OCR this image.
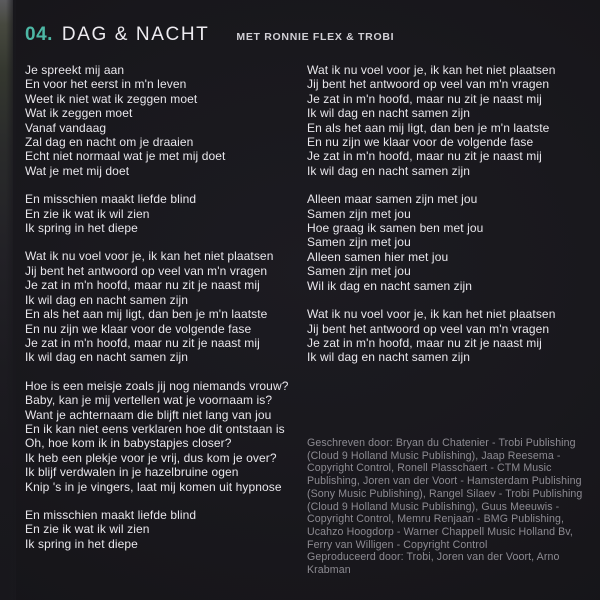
04. DAG & NACHT	MET RONNIE FLEX & TROBI
Je spreekt mij aan
En voor het eerst in m'n leven
Weet ik niet wat ik zeggen moet
Wat ik zeggen moet
Vanaf vandaag
Zal dag en nacht om je draaien
Echt niet normaal wat je met mij doet
Wat je met mij doet
En misschien maakt liefde blind
En zie ik wat ik wil zien
Ik spring in het diepe
Wat ik nu voel voor je, ik kan het niet plaatsen
Jij bent het antwoord op veel van m'n vragen
Je zat in m'n hoofd, maar nu zit je naast mij
Ik wil dag en nacht samen zijn
En als het aan mij ligt, dan ben je m'n laatste
En nu zijn we klaar voor de volgende fase
Je zat in m'n hoofd, maar nu zit je naast mij
Ik wil dag en nacht samen zijn
Hoe is een meisje zoals jij nog niemands vrouw?
Baby, kan je mij vertellen wat je voornaam is?
Want je achternaam die blijft niet lang van jou
En ik kan niet eens verklaren hoe dit ontstaan is
Oh, hoe kom ik in babystapjes closer?
Ik heb een plekje voor je vrij, dus kom je over?
Ik blijf verdwalen in je hazelbruine ogen
Knip 's in je vingers, laat mij komen uit hypnose
En misschien maakt liefde blind
En zie ik wat ik wil zien
Ik spring in het diepe
Wat ik nu voel voor je, ik kan het niet plaatsen
Jij bent het antwoord op veel van m'n vragen
Je zat in m'n hoofd, maar nu zit je naast mij
Ik wil dag en nacht samen zijn
En als het aan mij ligt, dan ben je m'n laatste
En nu zijn we klaar voor de volgende fase
Je zat in m'n hoofd, maar nu zit je naast mij
Ik wil dag en nacht samen zijn
Alleen maar samen zijn met jou
Samen zijn met jou
Hoe graag ik samen ben met jou
Samen zijn met jou
Alleen samen hier met jou
Samen zijn met jou
Wil ik dag en nacht samen zijn
Wat ik nu voel voor je, ik kan het niet plaatsen
Jij bent het antwoord op veel van m'n vragen
Je zat in m'n hoofd, maar nu zit je naast mij
Ik wil dag en nacht samen zijn
Geschreven door: Bryan du Chatenier - Trobi Publishing
(Cloud 9 Holland Music Publishing), Jaap Reesema -
Copyright Control, Ronell Plasschaert - CTM Music
Publishing, Joren van der Voort - Hamsterdam Publishing
(Sony Music Publishing), Rangel Silaev - Trobi Publishing
(Cloud 9 Holland Music Publishing), Guus Meeuwis -
Copyright Control, Memru Renjaan - BMG Publishing,
Ucahzo Hoogdorp - Warner Chappell Music Holland Bv,
Ferry van Willigen - Copyright Control
Geproduceerd door: Trobi, Joren van der Voort, Arno
Krabman
